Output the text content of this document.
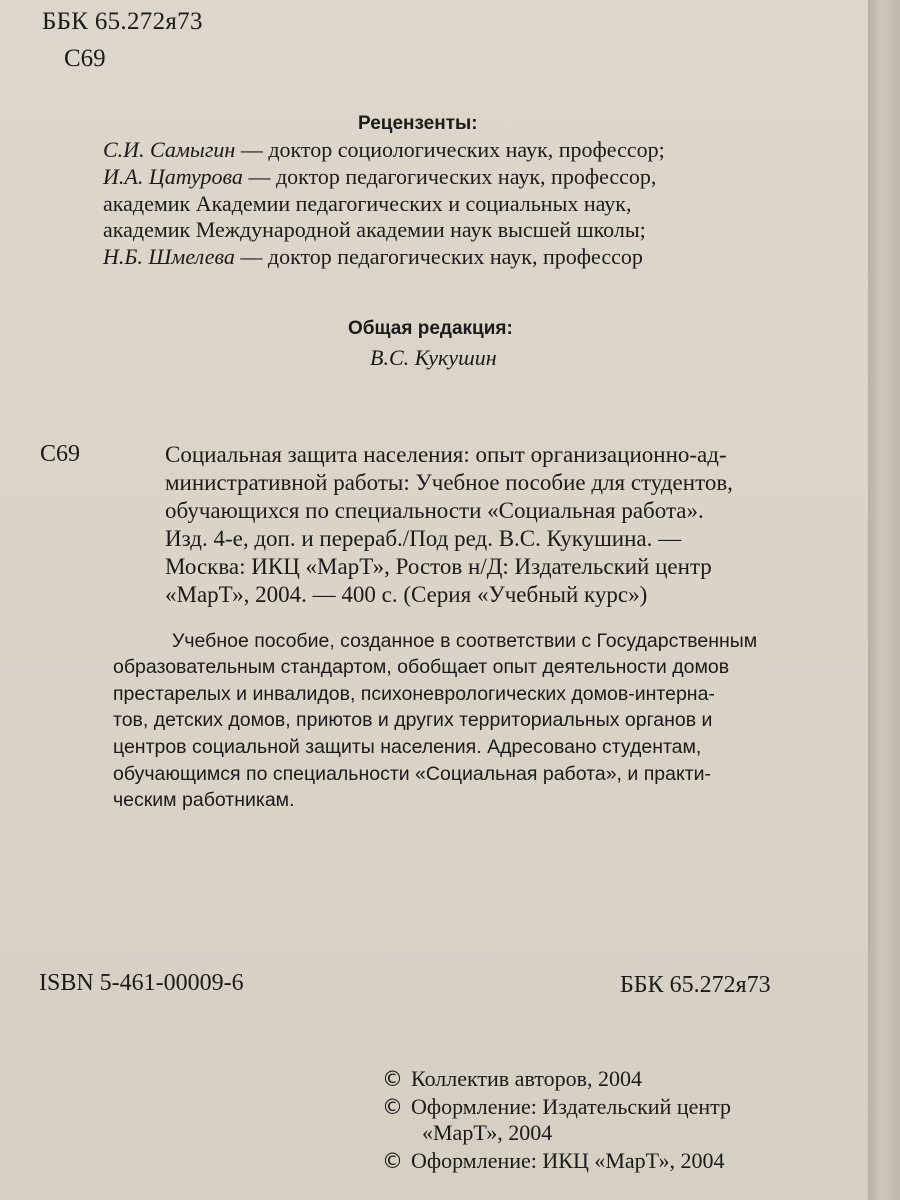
ББК 65.272я73
С69
Рецензенты:
С.И. Самыгин — доктор социологических наук, профессор;
И.А. Цатурова — доктор педагогических наук, профессор,
академик Академии педагогических и социальных наук,
академик Международной академии наук высшей школы;
Н.Б. Шмелева — доктор педагогических наук, профессор
Общая редакция:
В.С. Кукушин
С69	Социальная защита населения: опыт организационно-ад-
министративной работы: Учебное пособие для студентов,
обучающихся по специальности «Социальная работа».
Изд. 4-е, доп. и перераб./Под ред. В.С. Кукушина. —
Москва: ИКЦ «МарТ», Ростов н/Д: Издательский центр
«МарТ», 2004. — 400 с. (Серия «Учебный курс»)
Учебное пособие, созданное в соответствии с Государственным
образовательным стандартом, обобщает опыт деятельности домов
престарелых и инвалидов, психоневрологических домов-интерна-
тов, детских домов, приютов и других территориальных органов и
центров социальной защиты населения. Адресовано студентам,
обучающимся по специальности «Социальная работа», и практи-
ческим работникам.
ISBN 5-461-00009-6	ББК 65.272я73
© Коллектив авторов, 2004
© Оформление: Издательский центр
«МарТ», 2004
© Оформление: ИКЦ «МарТ», 2004
